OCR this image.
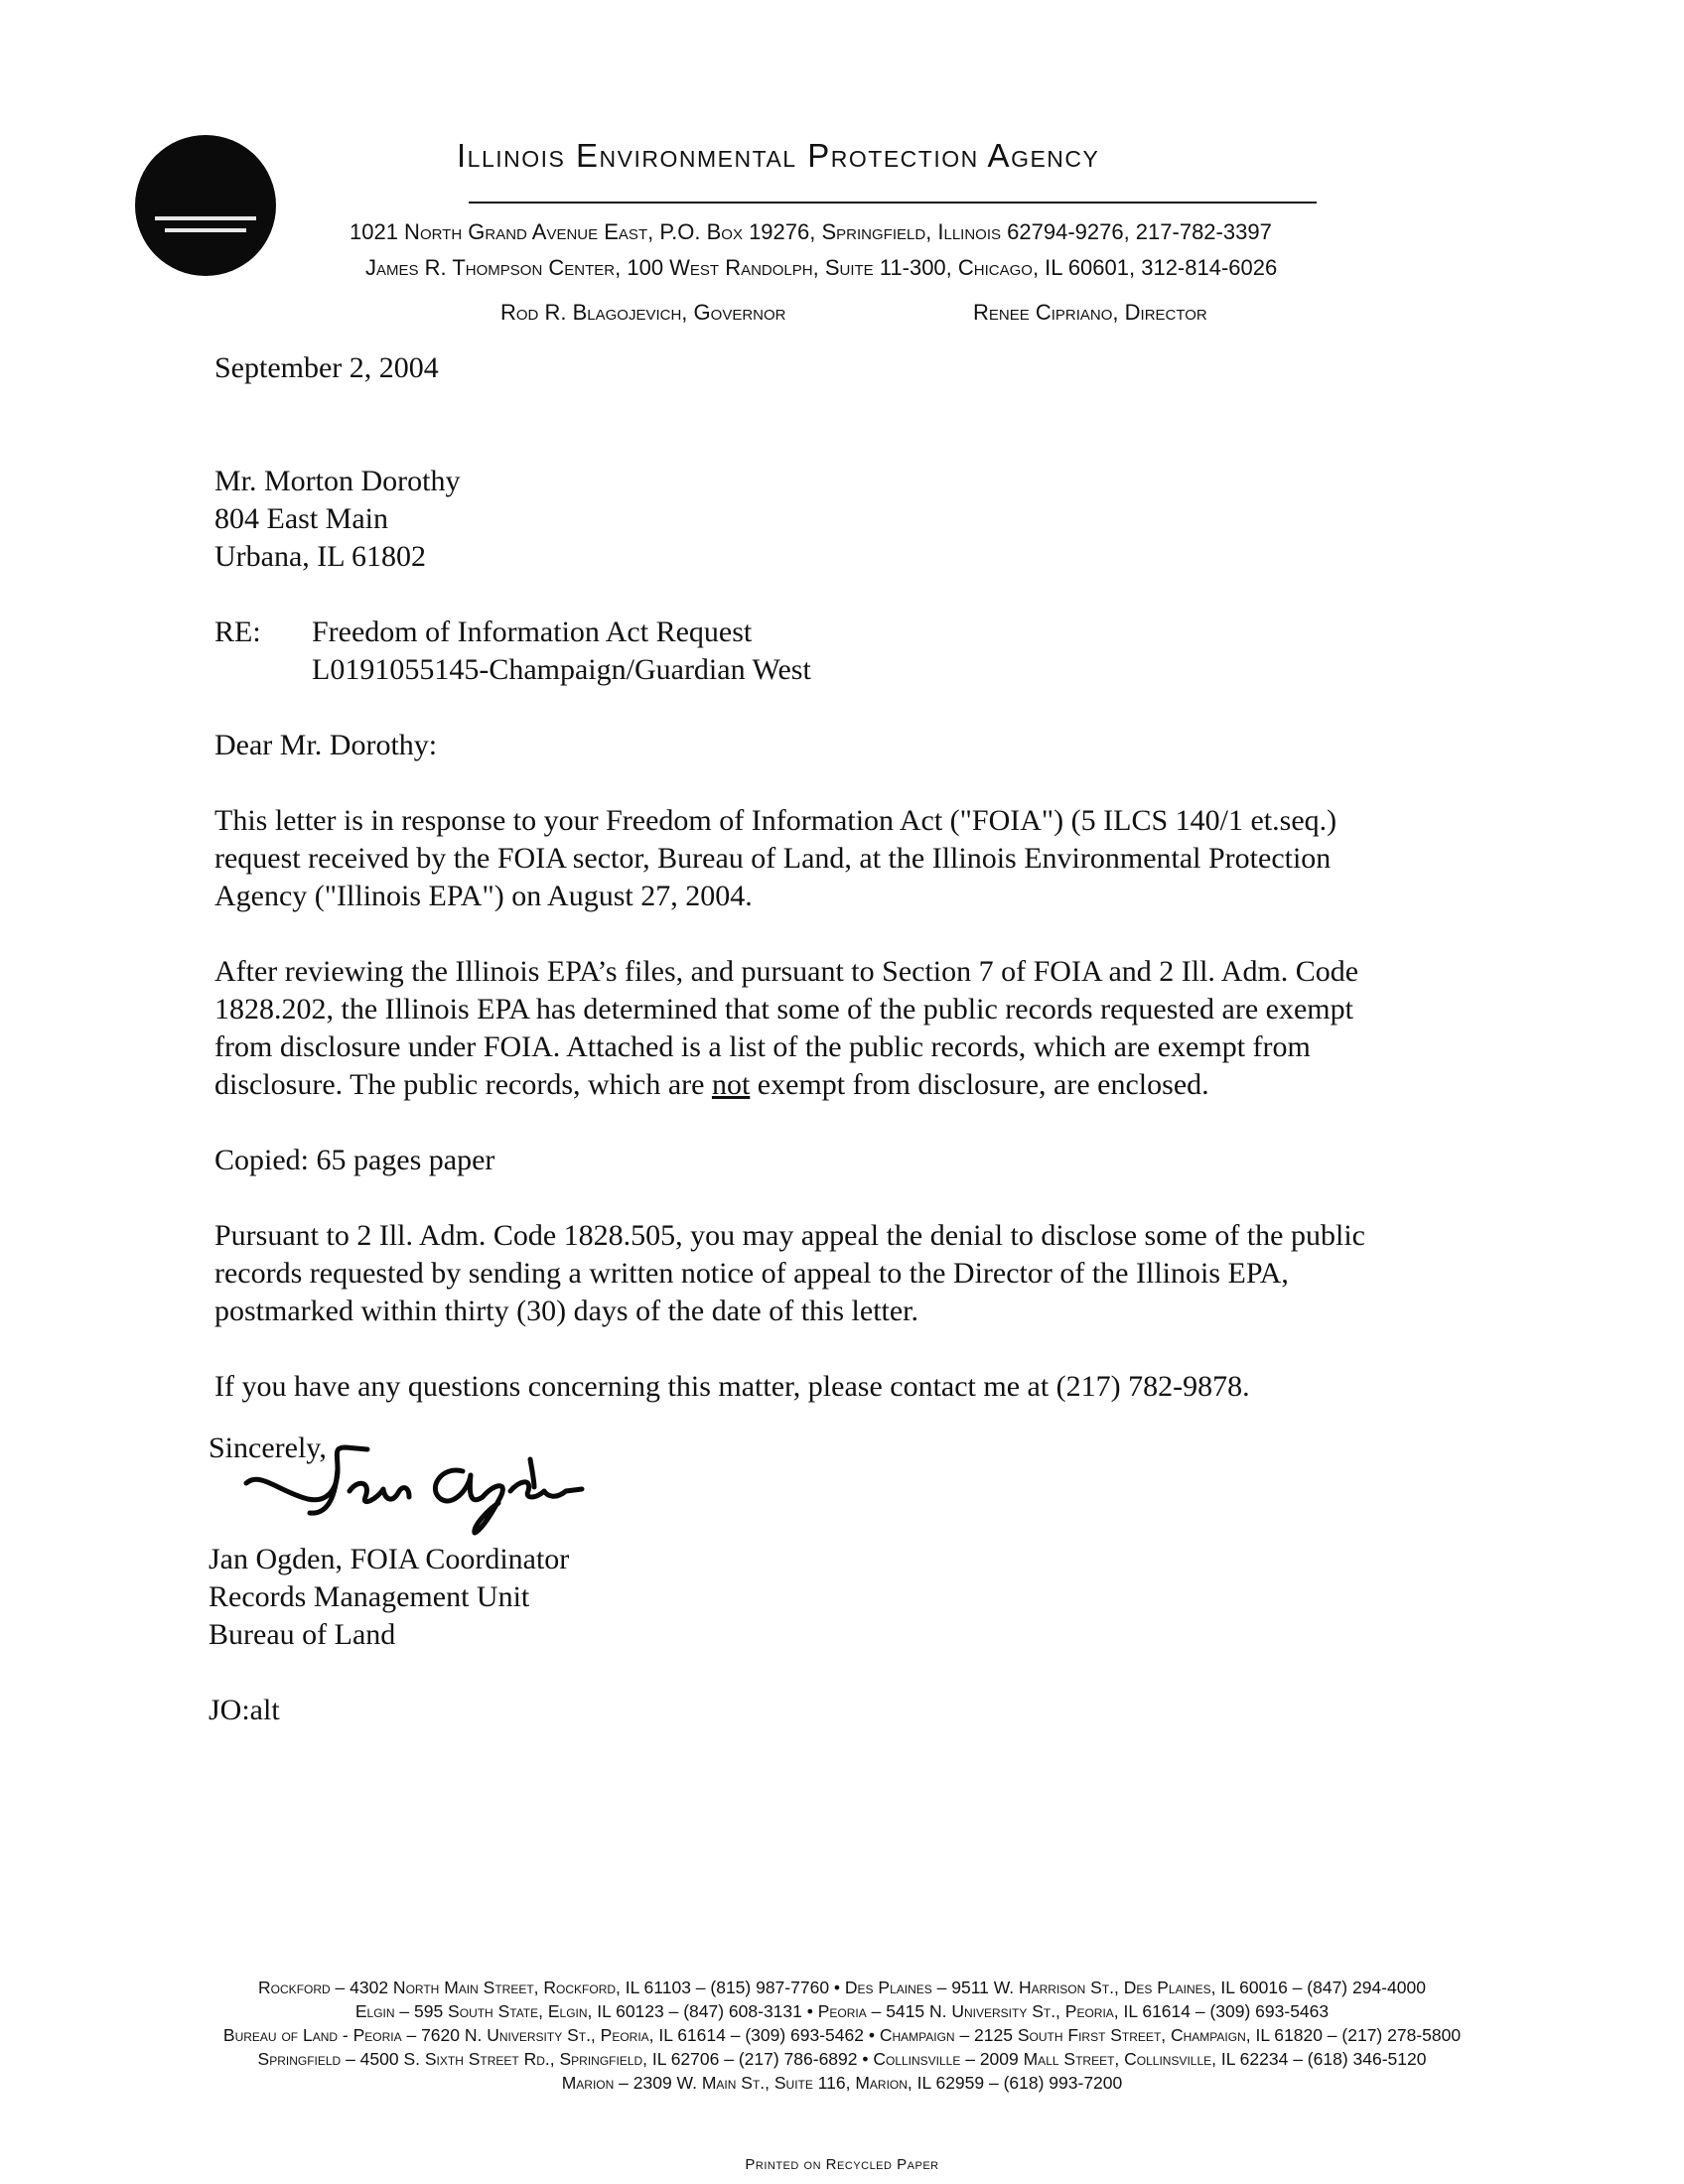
Illinois Environmental Protection Agency
1021 North Grand Avenue East, P.O. Box 19276, Springfield, Illinois 62794-9276, 217-782-3397
James R. Thompson Center, 100 West Randolph, Suite 11-300, Chicago, IL 60601, 312-814-6026
Rod R. Blagojevich, Governor	Renee Cipriano, Director
September 2, 2004
Mr. Morton Dorothy
804 East Main
Urbana, IL 61802
RE: Freedom of Information Act Request
L0191055145-Champaign/Guardian West
Dear Mr. Dorothy:
This letter is in response to your Freedom of Information Act ("FOIA") (5 ILCS 140/1 et.seq.)
request received by the FOIA sector, Bureau of Land, at the Illinois Environmental Protection
Agency ("Illinois EPA") on August 27, 2004.
After reviewing the Illinois EPA’s files, and pursuant to Section 7 of FOIA and 2 Ill. Adm. Code
1828.202, the Illinois EPA has determined that some of the public records requested are exempt
from disclosure under FOIA. Attached is a list of the public records, which are exempt from
disclosure. The public records, which are not exempt from disclosure, are enclosed.
Copied: 65 pages paper
Pursuant to 2 Ill. Adm. Code 1828.505, you may appeal the denial to disclose some of the public
records requested by sending a written notice of appeal to the Director of the Illinois EPA,
postmarked within thirty (30) days of the date of this letter.
If you have any questions concerning this matter, please contact me at (217) 782-9878.
Sincerely,
Jan Ogden, FOIA Coordinator
Records Management Unit
Bureau of Land
JO:alt
Rockford – 4302 North Main Street, Rockford, IL 61103 – (815) 987-7760 • Des Plaines – 9511 W. Harrison St., Des Plaines, IL 60016 – (847) 294-4000
Elgin – 595 South State, Elgin, IL 60123 – (847) 608-3131 • Peoria – 5415 N. University St., Peoria, IL 61614 – (309) 693-5463
Bureau of Land - Peoria – 7620 N. University St., Peoria, IL 61614 – (309) 693-5462 • Champaign – 2125 South First Street, Champaign, IL 61820 – (217) 278-5800
Springfield – 4500 S. Sixth Street Rd., Springfield, IL 62706 – (217) 786-6892 • Collinsville – 2009 Mall Street, Collinsville, IL 62234 – (618) 346-5120
Marion – 2309 W. Main St., Suite 116, Marion, IL 62959 – (618) 993-7200
Printed on Recycled Paper
